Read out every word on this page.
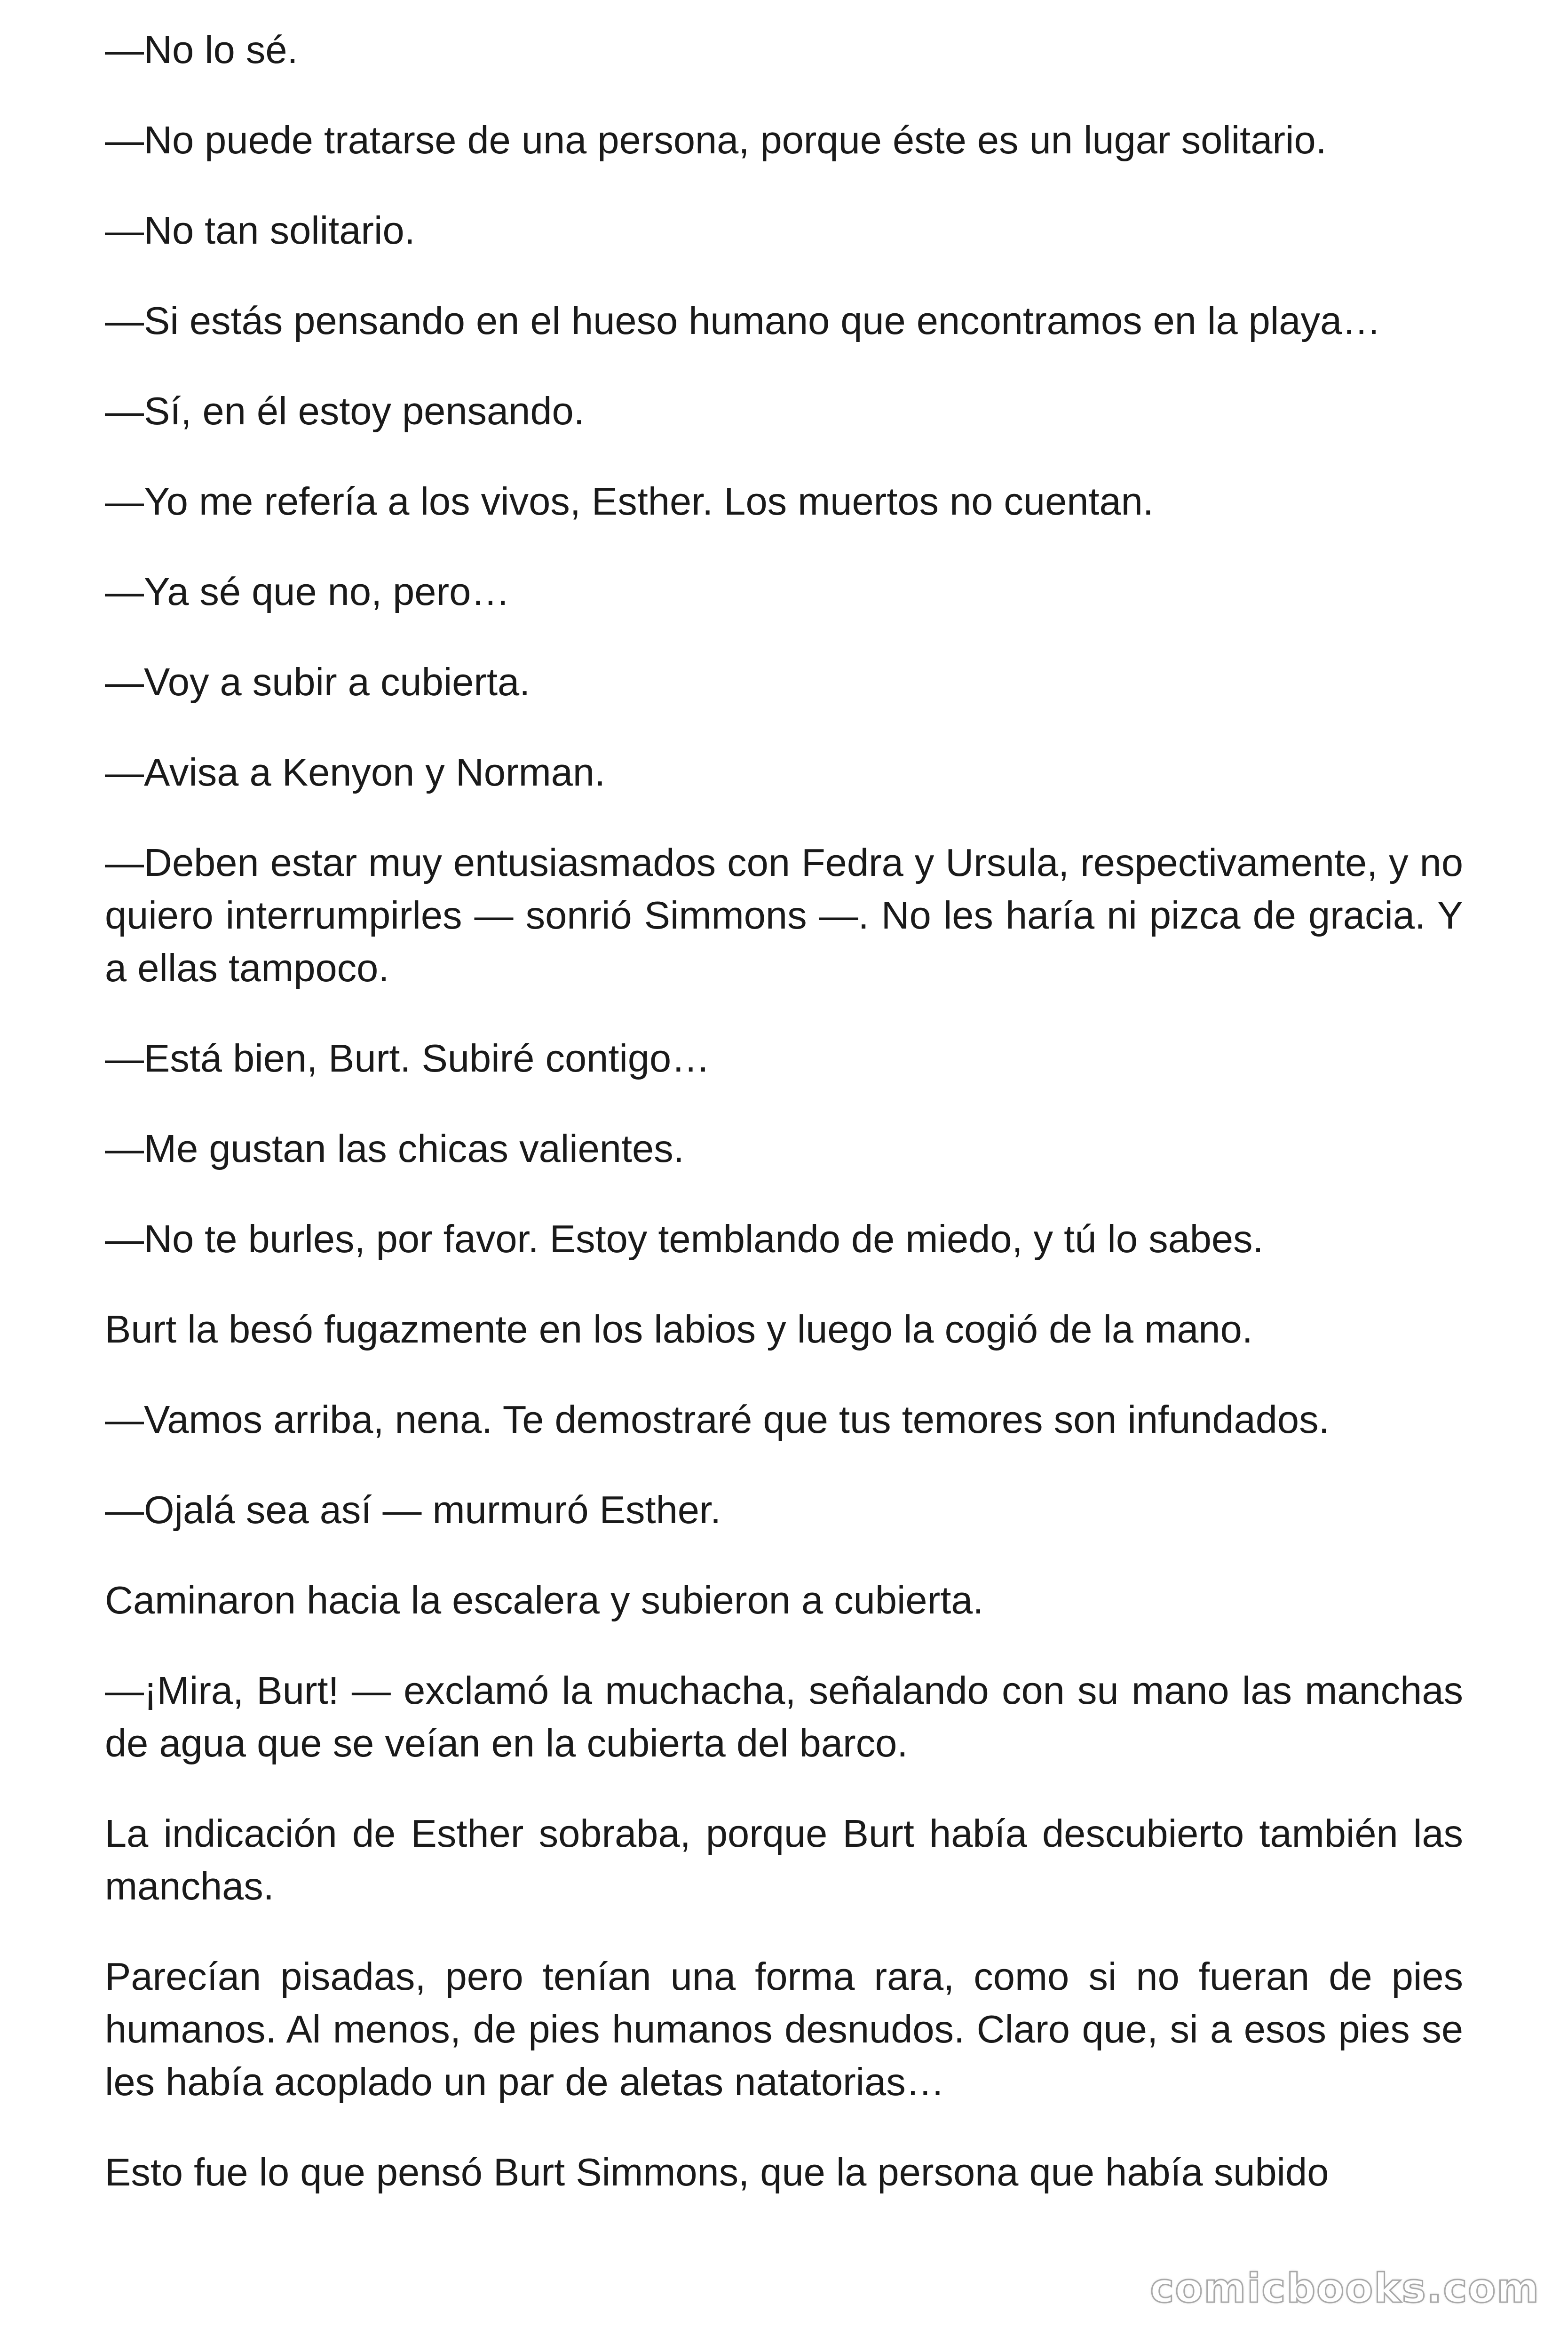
—No lo sé.

—No puede tratarse de una persona, porque éste es un lugar solitario.

—No tan solitario.

—Si estás pensando en el hueso humano que encontramos en la playa…

—Sí, en él estoy pensando.

—Yo me refería a los vivos, Esther. Los muertos no cuentan.

—Ya sé que no, pero…

—Voy a subir a cubierta.

—Avisa a Kenyon y Norman.

—Deben estar muy entusiasmados con Fedra y Ursula, respectivamente, y no quiero interrumpirles — sonrió Simmons —. No les haría ni pizca de gracia. Y a ellas tampoco.

—Está bien, Burt. Subiré contigo…

—Me gustan las chicas valientes.

—No te burles, por favor. Estoy temblando de miedo, y tú lo sabes.

Burt la besó fugazmente en los labios y luego la cogió de la mano.

—Vamos arriba, nena. Te demostraré que tus temores son infundados.

—Ojalá sea así — murmuró Esther.

Caminaron hacia la escalera y subieron a cubierta.

—¡Mira, Burt! — exclamó la muchacha, señalando con su mano las manchas de agua que se veían en la cubierta del barco.

La indicación de Esther sobraba, porque Burt había descubierto también las manchas.

Parecían pisadas, pero tenían una forma rara, como si no fueran de pies humanos. Al menos, de pies humanos desnudos. Claro que, si a esos pies se les había acoplado un par de aletas natatorias…

Esto fue lo que pensó Burt Simmons, que la persona que había subido

comicbooks.com
